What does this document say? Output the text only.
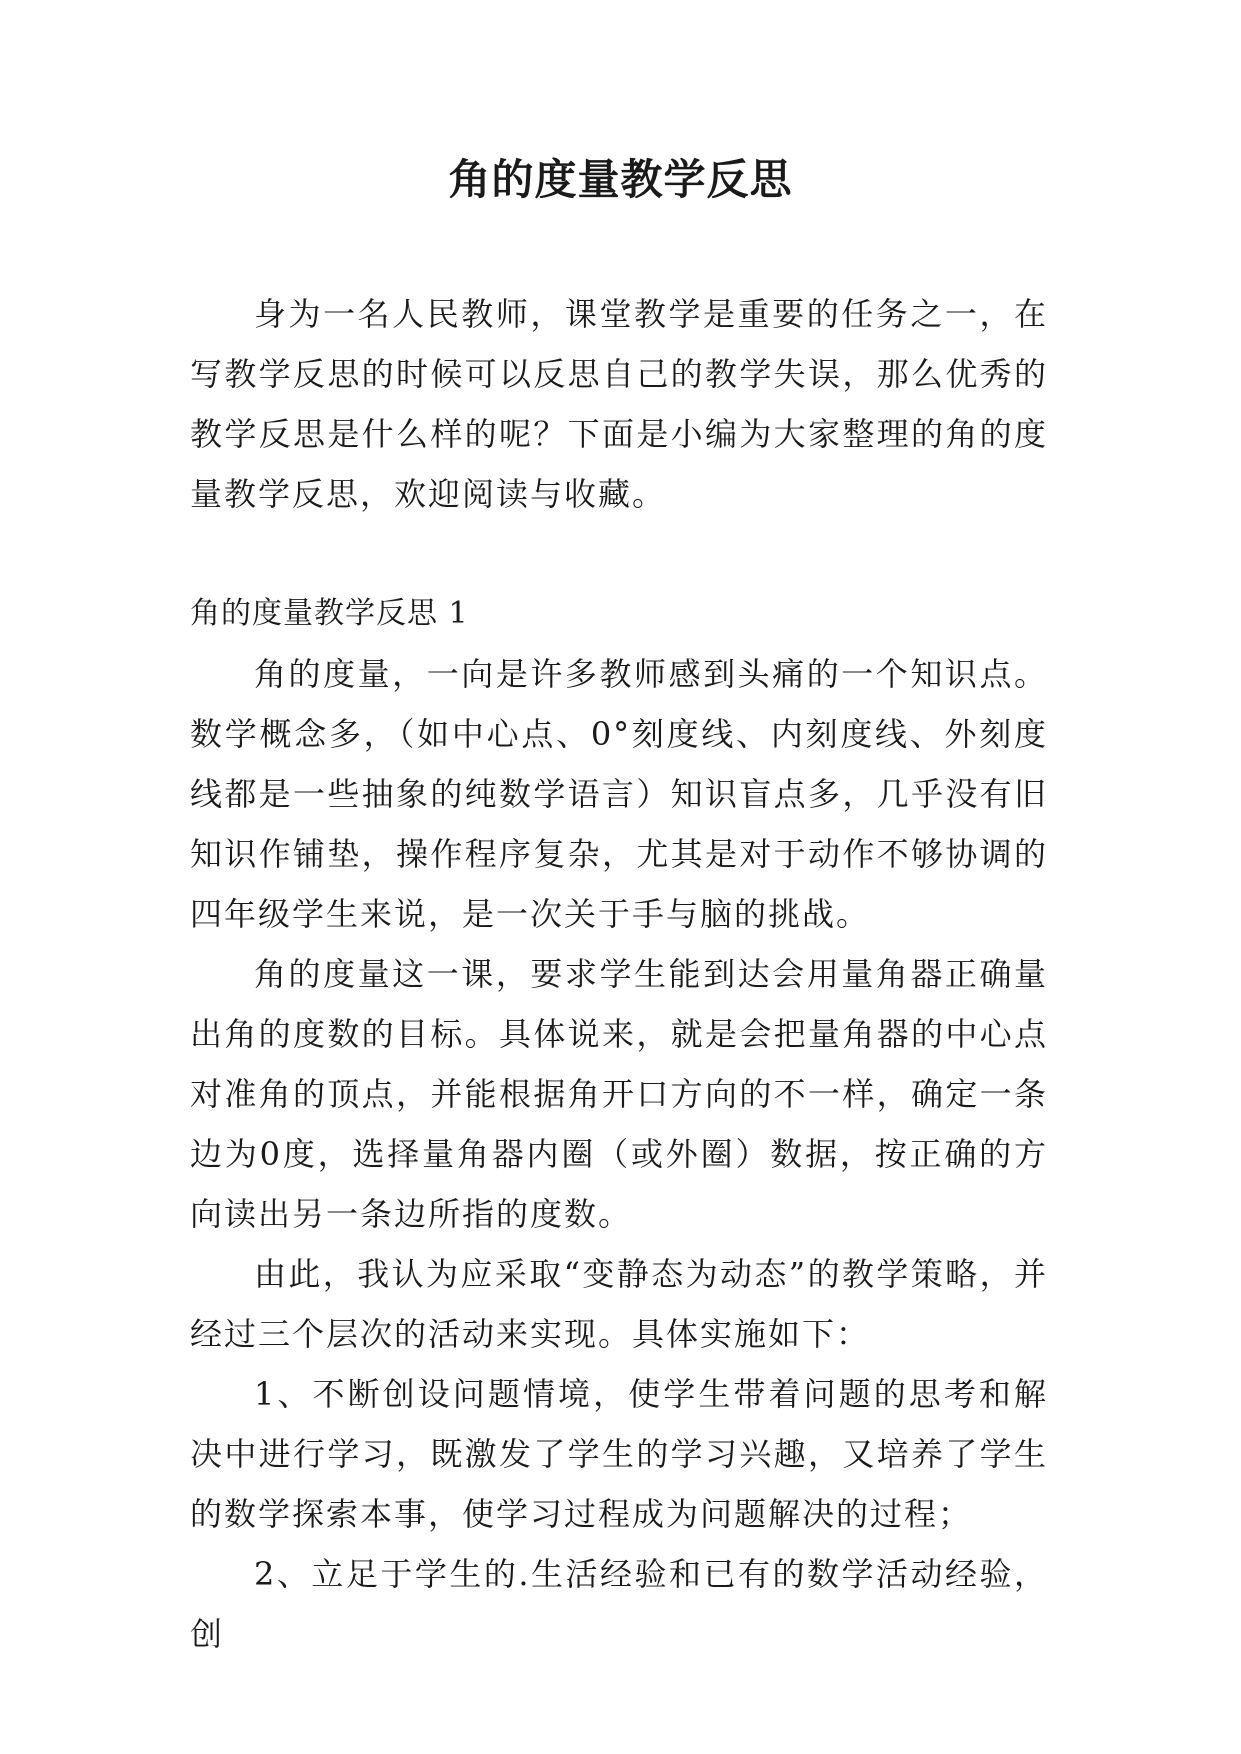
角的度量教学反思

身为一名人民教师，课堂教学是重要的任务之一，在写教学反思的时候可以反思自己的教学失误，那么优秀的教学反思是什么样的呢？下面是小编为大家整理的角的度量教学反思，欢迎阅读与收藏。

角的度量教学反思 1

角的度量，一向是许多教师感到头痛的一个知识点。数学概念多，（如中心点、0°刻度线、内刻度线、外刻度线都是一些抽象的纯数学语言）知识盲点多，几乎没有旧知识作铺垫，操作程序复杂，尤其是对于动作不够协调的四年级学生来说，是一次关于手与脑的挑战。

角的度量这一课，要求学生能到达会用量角器正确量出角的度数的目标。具体说来，就是会把量角器的中心点对准角的顶点，并能根据角开口方向的不一样，确定一条边为0度，选择量角器内圈（或外圈）数据，按正确的方向读出另一条边所指的度数。

由此，我认为应采取“变静态为动态”的教学策略，并经过三个层次的活动来实现。具体实施如下：

1、不断创设问题情境，使学生带着问题的思考和解决中进行学习，既激发了学生的学习兴趣，又培养了学生的数学探索本事，使学习过程成为问题解决的过程；

2、立足于学生的.生活经验和已有的数学活动经验，创
